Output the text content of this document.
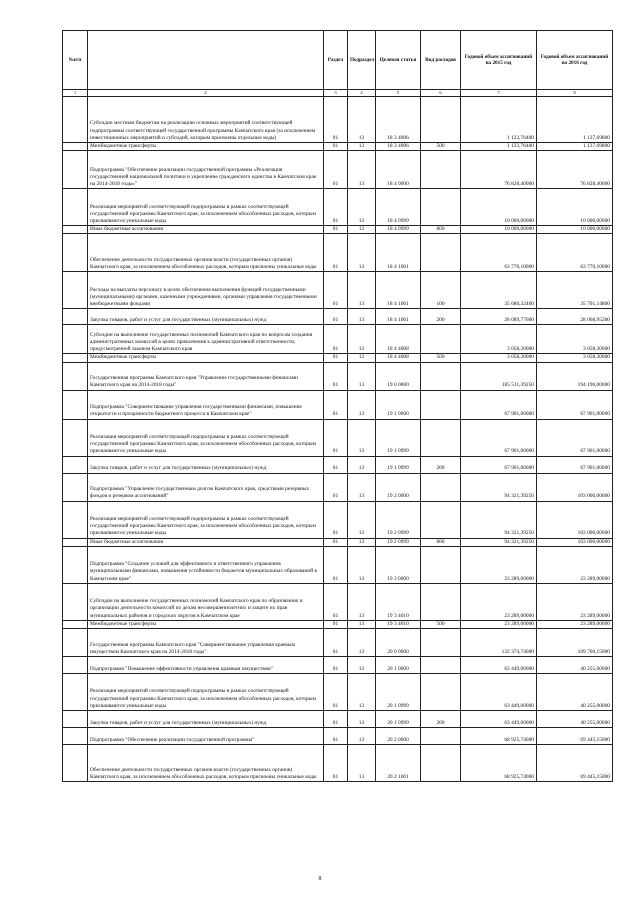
№п/п		Раздел	Подраздел	Целевая статья	Вид расходов	Годовой объем ассигнований на 2015 год	Годовой объем ассигнований на 2016 год
1	2	3	4	5	6	7	8
	Субсидии местным бюджетам на реализацию основных мероприятий соответствующей подпрограммы соответствующей государственной программы Камчатского края (за исключением инвестиционных мероприятий и субсидий, которым присвоены отдельные коды)	01	13	18 3 4006		1 123,76400	1 137,69800
	Межбюджетные трансферты	01	13	18 3 4006	500	1 123,76400	1 137,69800
	Подпрограмма "Обеспечение реализации государственной программы «Реализация государственной национальной политики и укрепление гражданского единства в Камчатском крае на 2014-2018 годы»"	01	13	18 4 0000		76 828,40000	76 828,40000
	Реализация мероприятий соответствующей подпрограммы в рамках соответствующей государственной программы Камчатского края, за исключением обособленных расходов, которым присваиваются уникальные коды	01	13	18 4 0999		10 000,00000	10 000,00000
	Иные бюджетные ассигнования	01	13	18 4 0999	800	10 000,00000	10 000,00000
	Обеспечение деятельности государственных органов власти (государственных органов) Камчатского края, за исключением обособленных расходов, которым присвоены уникальные коды	01	13	18 4 1001		63 770,10000	63 770,10000
	Расходы на выплаты персоналу в целях обеспечения выполнения функций государственными (муниципальными) органами, казенными учреждениями, органами управления государственными внебюджетными фондами	01	13	18 4 1001	100	35 680,32400	35 701,14800
	Закупка товаров, работ и услуг для государственных (муниципальных) нужд	01	13	18 4 1001	200	28 089,77600	28 068,95200
	Субсидии на выполнение государственных полномочий Камчатского края по вопросам создания административных комиссий в целях привлечения к административной ответственности, предусмотренной законом Камчатского края	01	13	18 4 4008		3 058,30000	3 058,30000
	Межбюджетные трансферты	01	13	18 4 4008	500	3 058,30000	3 058,30000
	Государственная программа Камчатского края "Управление государственными финансами Камчатского края на 2014-2018 годы"	01	13	19 0 0000		185 511,39250	194 190,00000
	Подпрограмма "Совершенствование управления государственными финансами, повышение открытости и прозрачности бюджетного процесса в Камчатском крае"	01	13	19 1 0000		67 901,00000	67 901,00000
	Реализация мероприятий соответствующей подпрограммы в рамках соответствующей государственной программы Камчатского края, за исключением обособленных расходов, которым присваиваются уникальные коды	01	13	19 1 0999		67 901,00000	67 901,00000
	Закупка товаров, работ и услуг для государственных (муниципальных) нужд	01	13	19 1 0999	200	67 901,00000	67 901,00000
	Подпрограмма "Управление государственным долгом Камчатского края, средствами резервных фондов и резервом ассигнований"	01	13	19 2 0000		94 321,39250	103 000,00000
	Реализация мероприятий соответствующей подпрограммы в рамках соответствующей государственной программы Камчатского края, за исключением обособленных расходов, которым присваиваются уникальные коды	01	13	19 2 0999		94 321,39250	103 000,00000
	Иные бюджетные ассигнования	01	13	19 2 0999	800	94 321,39250	103 000,00000
	Подпрограмма "Создание условий для эффективного и ответственного управления муниципальными финансами, повышения устойчивости бюджетов муниципальных образований в Камчатском крае"	01	13	19 3 0000		23 289,00000	23 289,00000
	Субсидии на выполнение государственных полномочий Камчатского края по образованию и организации деятельности комиссий по делам несовершеннолетних и защите их прав муниципальных районов и городских округов в Камчатском крае	01	13	19 3 4010		23 289,00000	23 289,00000
	Межбюджетные трансферты	01	13	19 3 4010	500	23 289,00000	23 289,00000
	Государственная программа Камчатского края "Совершенствование управления краевым имуществом Камчатского края на 2014-2018 годы"	01	13	20 0 0000		132 374,74000	109 700,15000
	Подпрограмма "Повышение эффективности управления краевым имуществом"	01	13	20 1 0000		63 449,00000	40 255,00000
	Реализация мероприятий соответствующей подпрограммы в рамках соответствующей государственной программы Камчатского края, за исключением обособленных расходов, которым присваиваются уникальные коды	01	13	20 1 0999		63 449,00000	40 255,00000
	Закупка товаров, работ и услуг для государственных (муниципальных) нужд	01	13	20 1 0999	200	63 449,00000	40 255,00000
	Подпрограмма "Обеспечение реализации государственной программы"	01	13	20 2 0000		68 925,74000	69 445,15000
	Обеспечение деятельности государственных органов власти (государственных органов) Камчатского края, за исключением обособленных расходов, которым присвоены уникальные коды	01	13	20 2 1001		68 925,74000	69 445,15000
8
